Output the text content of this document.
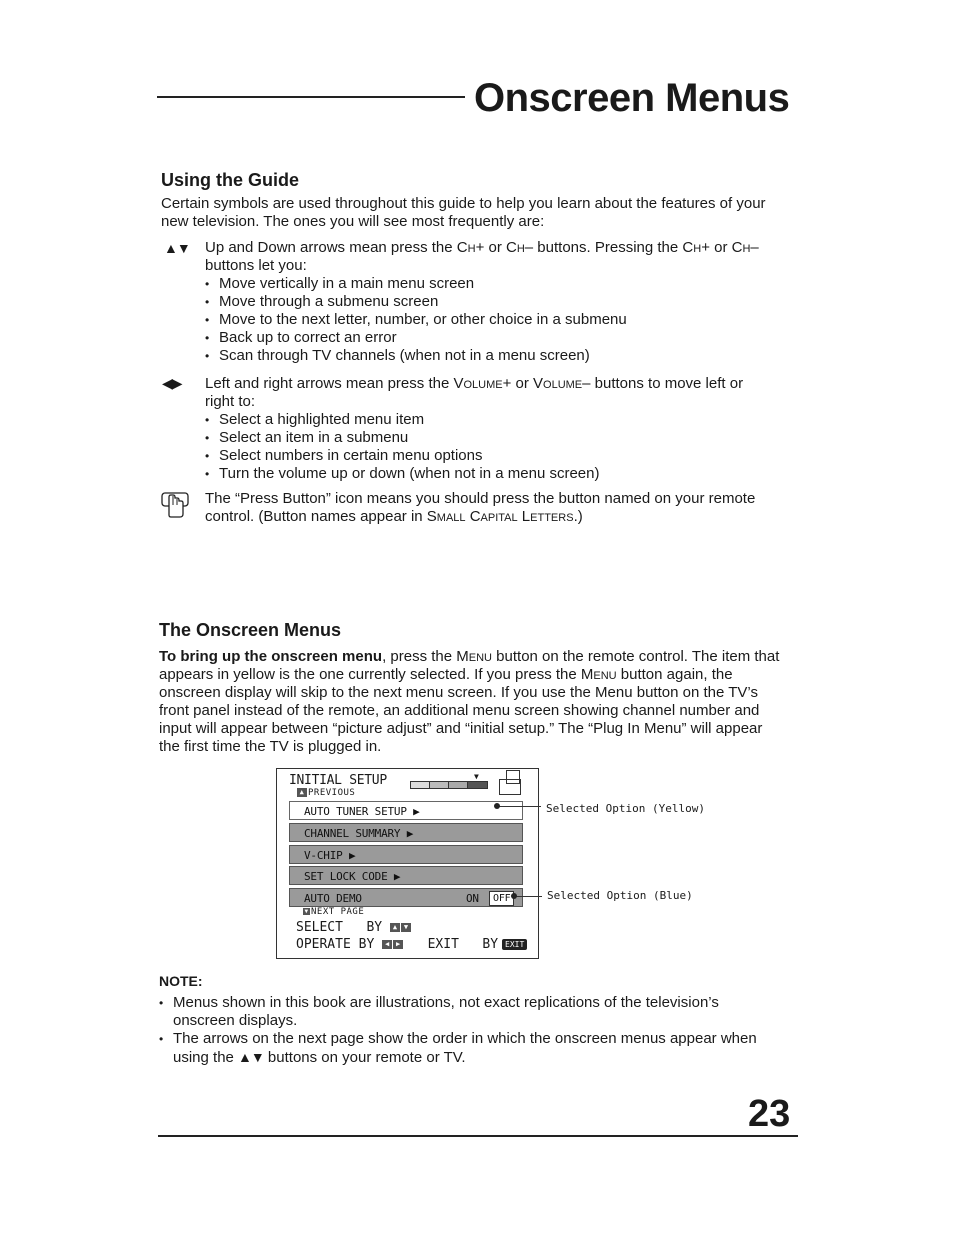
Onscreen Menus
Using the Guide

Certain symbols are used throughout this guide to help you learn about the features of your

new television. The ones you will see most frequently are:

▲▼ Up and Down arrows mean press the Ch+ or Ch– buttons. Pressing the Ch+ or Ch–

buttons let you:

• Move vertically in a main menu screen
• Move through a submenu screen
• Move to the next letter, number, or other choice in a submenu
• Back up to correct an error
• Scan through TV channels (when not in a menu screen)
◀▶ Left and right arrows mean press the Volume+ or Volume– buttons to move left or

right to:

• Select a highlighted menu item
• Select an item in a submenu
• Select numbers in certain menu options
• Turn the volume up or down (when not in a menu screen)

The “Press Button” icon means you should press the button named on your remote

control. (Button names appear in Small Capital Letters.)

The Onscreen Menus

To bring up the onscreen menu, press the Menu button on the remote control. The item that

appears in yellow is the one currently selected. If you press the Menu button again, the

onscreen display will skip to the next menu screen. If you use the Menu button on the TV’s

front panel instead of the remote, an additional menu screen showing channel number and

input will appear between “picture adjust” and “initial setup.” The “Plug In Menu” will appear

the first time the TV is plugged in.

INITIAL SETUP
▲ PREVIOUS
▼
AUTO TUNER SETUP ▶
CHANNEL SUMMARY ▶
V-CHIP ▶
SET LOCK CODE ▶
AUTO DEMO	ON	OFF
▼ NEXT PAGE
SELECT   BY ▲ ▼
OPERATE BY ◀ ▶ EXIT   BY EXIT
Selected Option (Yellow)
Selected Option (Blue)
NOTE:
• Menus shown in this book are illustrations, not exact replications of the television’s

onscreen displays.

• The arrows on the next page show the order in which the onscreen menus appear when

using the ▲▼ buttons on your remote or TV.

23
